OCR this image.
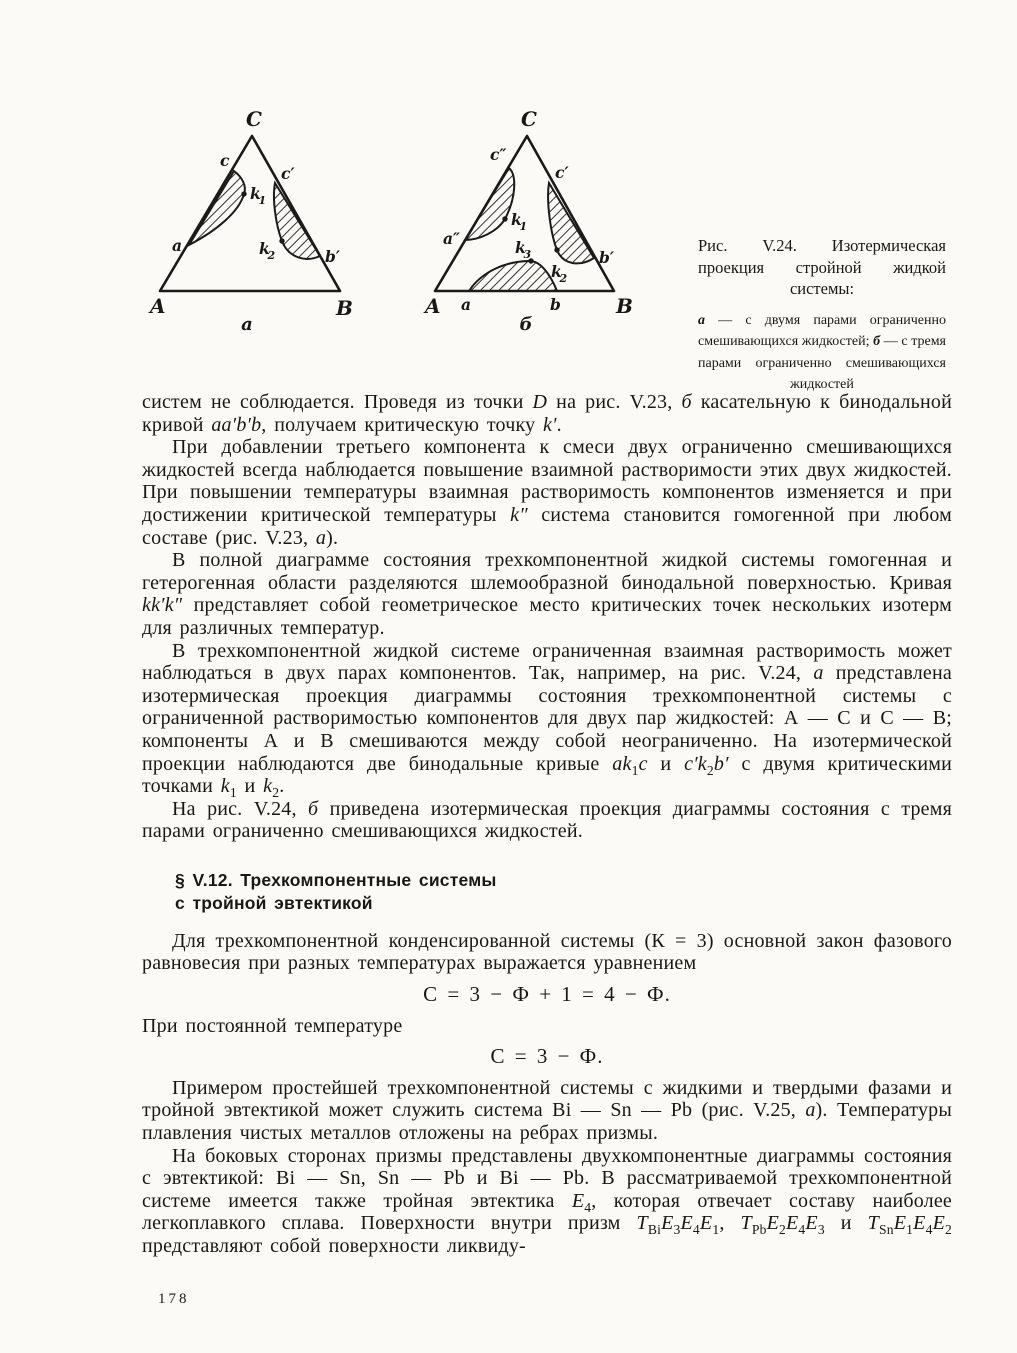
C
A	B
c
c′
a
b′
k
1
k
2
а
C
A	B
c″
c′
a″
b′
a	b
k
1
k
2
k
3
б
Рис. V.24. Изотермическая
проекция стройной жидкой
системы:
а — с двумя парами ограниченно смешивающихся жидкостей; б — с тремя парами ограниченно смешивающихся жидкостей

систем не соблюдается. Проведя из точки D на рис. V.23, б касательную к бинодальной кривой aa′b′b, получаем критическую точку k′.

При добавлении третьего компонента к смеси двух ограниченно смешивающихся жидкостей всегда наблюдается повышение взаимной растворимости этих двух жидкостей. При повышении температуры взаимная растворимость компонентов изменяется и при достижении критической температуры k″ система становится гомогенной при любом составе (рис. V.23, а).

В полной диаграмме состояния трехкомпонентной жидкой системы гомогенная и гетерогенная области разделяются шлемообразной бинодальной поверхностью. Кривая kk′k″ представляет собой геометрическое место критических точек нескольких изотерм для различных температур.

В трехкомпонентной жидкой системе ограниченная взаимная растворимость может наблюдаться в двух парах компонентов. Так, например, на рис. V.24, а представлена изотермическая проекция диаграммы состояния трехкомпонентной системы с ограниченной растворимостью компонентов для двух пар жидкостей: А — С и С — В; компоненты А и В смешиваются между собой неограниченно. На изотермической проекции наблюдаются две бинодальные кривые $ak_1c$ и $c'k_2b'$ с двумя критическими точками $k_1$ и $k_2$.

На рис. V.24, б приведена изотермическая проекция диаграммы состояния с тремя парами ограниченно смешивающихся жидкостей.

§ V.12. Трехкомпонентные системы
с тройной эвтектикой

Для трехкомпонентной конденсированной системы (К = 3) основной закон фазового равновесия при разных температурах выражается уравнением

С = 3 − Ф + 1 = 4 − Ф.

При постоянной температуре

С = 3 − Ф.

Примером простейшей трехкомпонентной системы с жидкими и твердыми фазами и тройной эвтектикой может служить система Bi — Sn — Pb (рис. V.25, а). Температуры плавления чистых металлов отложены на ребрах призмы.

На боковых сторонах призмы представлены двухкомпонентные диаграммы состояния с эвтектикой: Bi — Sn, Sn — Pb и Bi — Pb. В рассматриваемой трехкомпонентной системе имеется также тройная эвтектика $E_4$, которая отвечает составу наиболее легкоплавкого сплава. Поверхности внутри призм $T_{Bi}E_3E_4E_1$, $T_{Pb}E_2E_4E_3$ и $T_{Sn}E_1E_4E_2$ представляют собой поверхности ликвиду-

178
